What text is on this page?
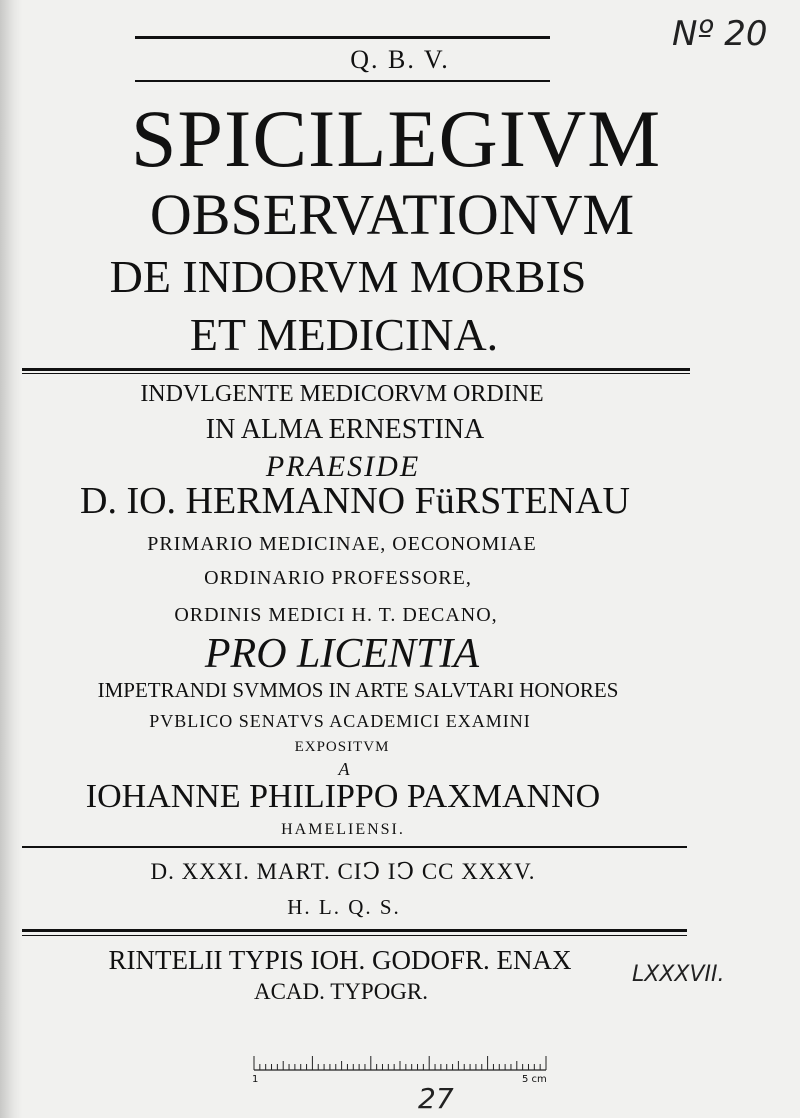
Q. B. V.

SPICILEGIVM

OBSERVATIONVM

DE INDORVM MORBIS

ET MEDICINA.

INDVLGENTE MEDICORVM ORDINE

IN ALMA ERNESTINA

PRAESIDE

D. IO. HERMANNO FüRSTENAU

PRIMARIO MEDICINAE, OECONOMIAE

ORDINARIO PROFESSORE,

ORDINIS MEDICI H. T. DECANO,

PRO LICENTIA

IMPETRANDI SVMMOS IN ARTE SALVTARI HONORES

PVBLICO SENATVS ACADEMICI EXAMINI

EXPOSITVM

A

IOHANNE PHILIPPO PAXMANNO

HAMELIENSI.

D. XXXI. MART. CIↃ IↃ CC XXXV.

H. L. Q. S.

RINTELII TYPIS IOH. GODOFR. ENAX

ACAD. TYPOGR.

Nº 20
LXXXVII.
27
1	5 cm
